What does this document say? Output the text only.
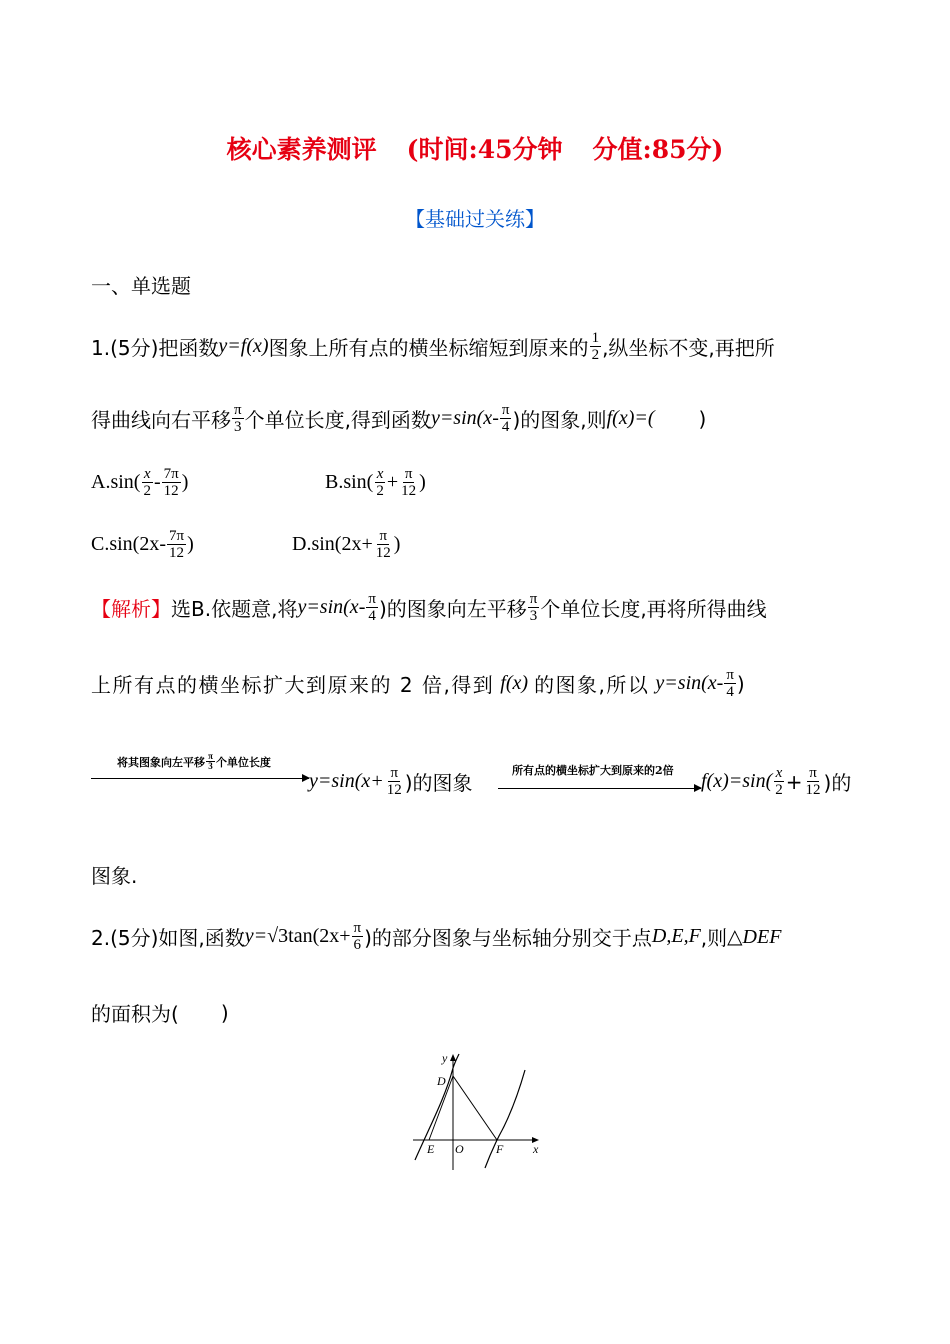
核心素养测评 (时间:45分钟 分值:85分)
【基础过关练】
一、单选题
1.(5分)把函数 y=f(x) 图象上所有点的横坐标缩短到原来的 $\frac{1}{2}$ ,纵坐标不变,再把所
得曲线向右平移 $\frac{\pi}{3}$ 个单位长度,得到函数 $y=\sin(x- \frac{\pi}{4}$ )的图象,则 f(x)=( )
$A.\sin( \frac{x}{2} - \frac{7\pi}{12}$ )	$B.\sin( \frac{x}{2} + \frac{\pi}{12}$ )
$C.\sin(2x- \frac{7\pi}{12}$ )	$D.\sin(2x+ \frac{\pi}{12}$ )
【解析】 选B.依题意,将 $y=\sin(x- \frac{\pi}{4}$ )的图象向左平移 $\frac{\pi}{3}$ 个单位长度,再将所得曲线
上所有点的横坐标扩大到原来的 2 倍,得到 f(x) 的图象,所以 $y=\sin(x- \frac{\pi}{4}$ )
将其图象向左平移 $\frac{\pi}{3}$ 个单位长度
$y=\sin(x+ \frac{\pi}{12}$ )的图象
所有点的横坐标扩大到原来的2倍	$f(x)=\sin( \frac{x}{2} + \frac{\pi}{12}$ )的
图象.
2.(5分)如图,函数 $y= √3\tan(2x+ \frac{\pi}{6}$ )的部分图象与坐标轴分别交于点 D,E,F ,则 △DEF
的面积为( )
y
D
E O	F x
